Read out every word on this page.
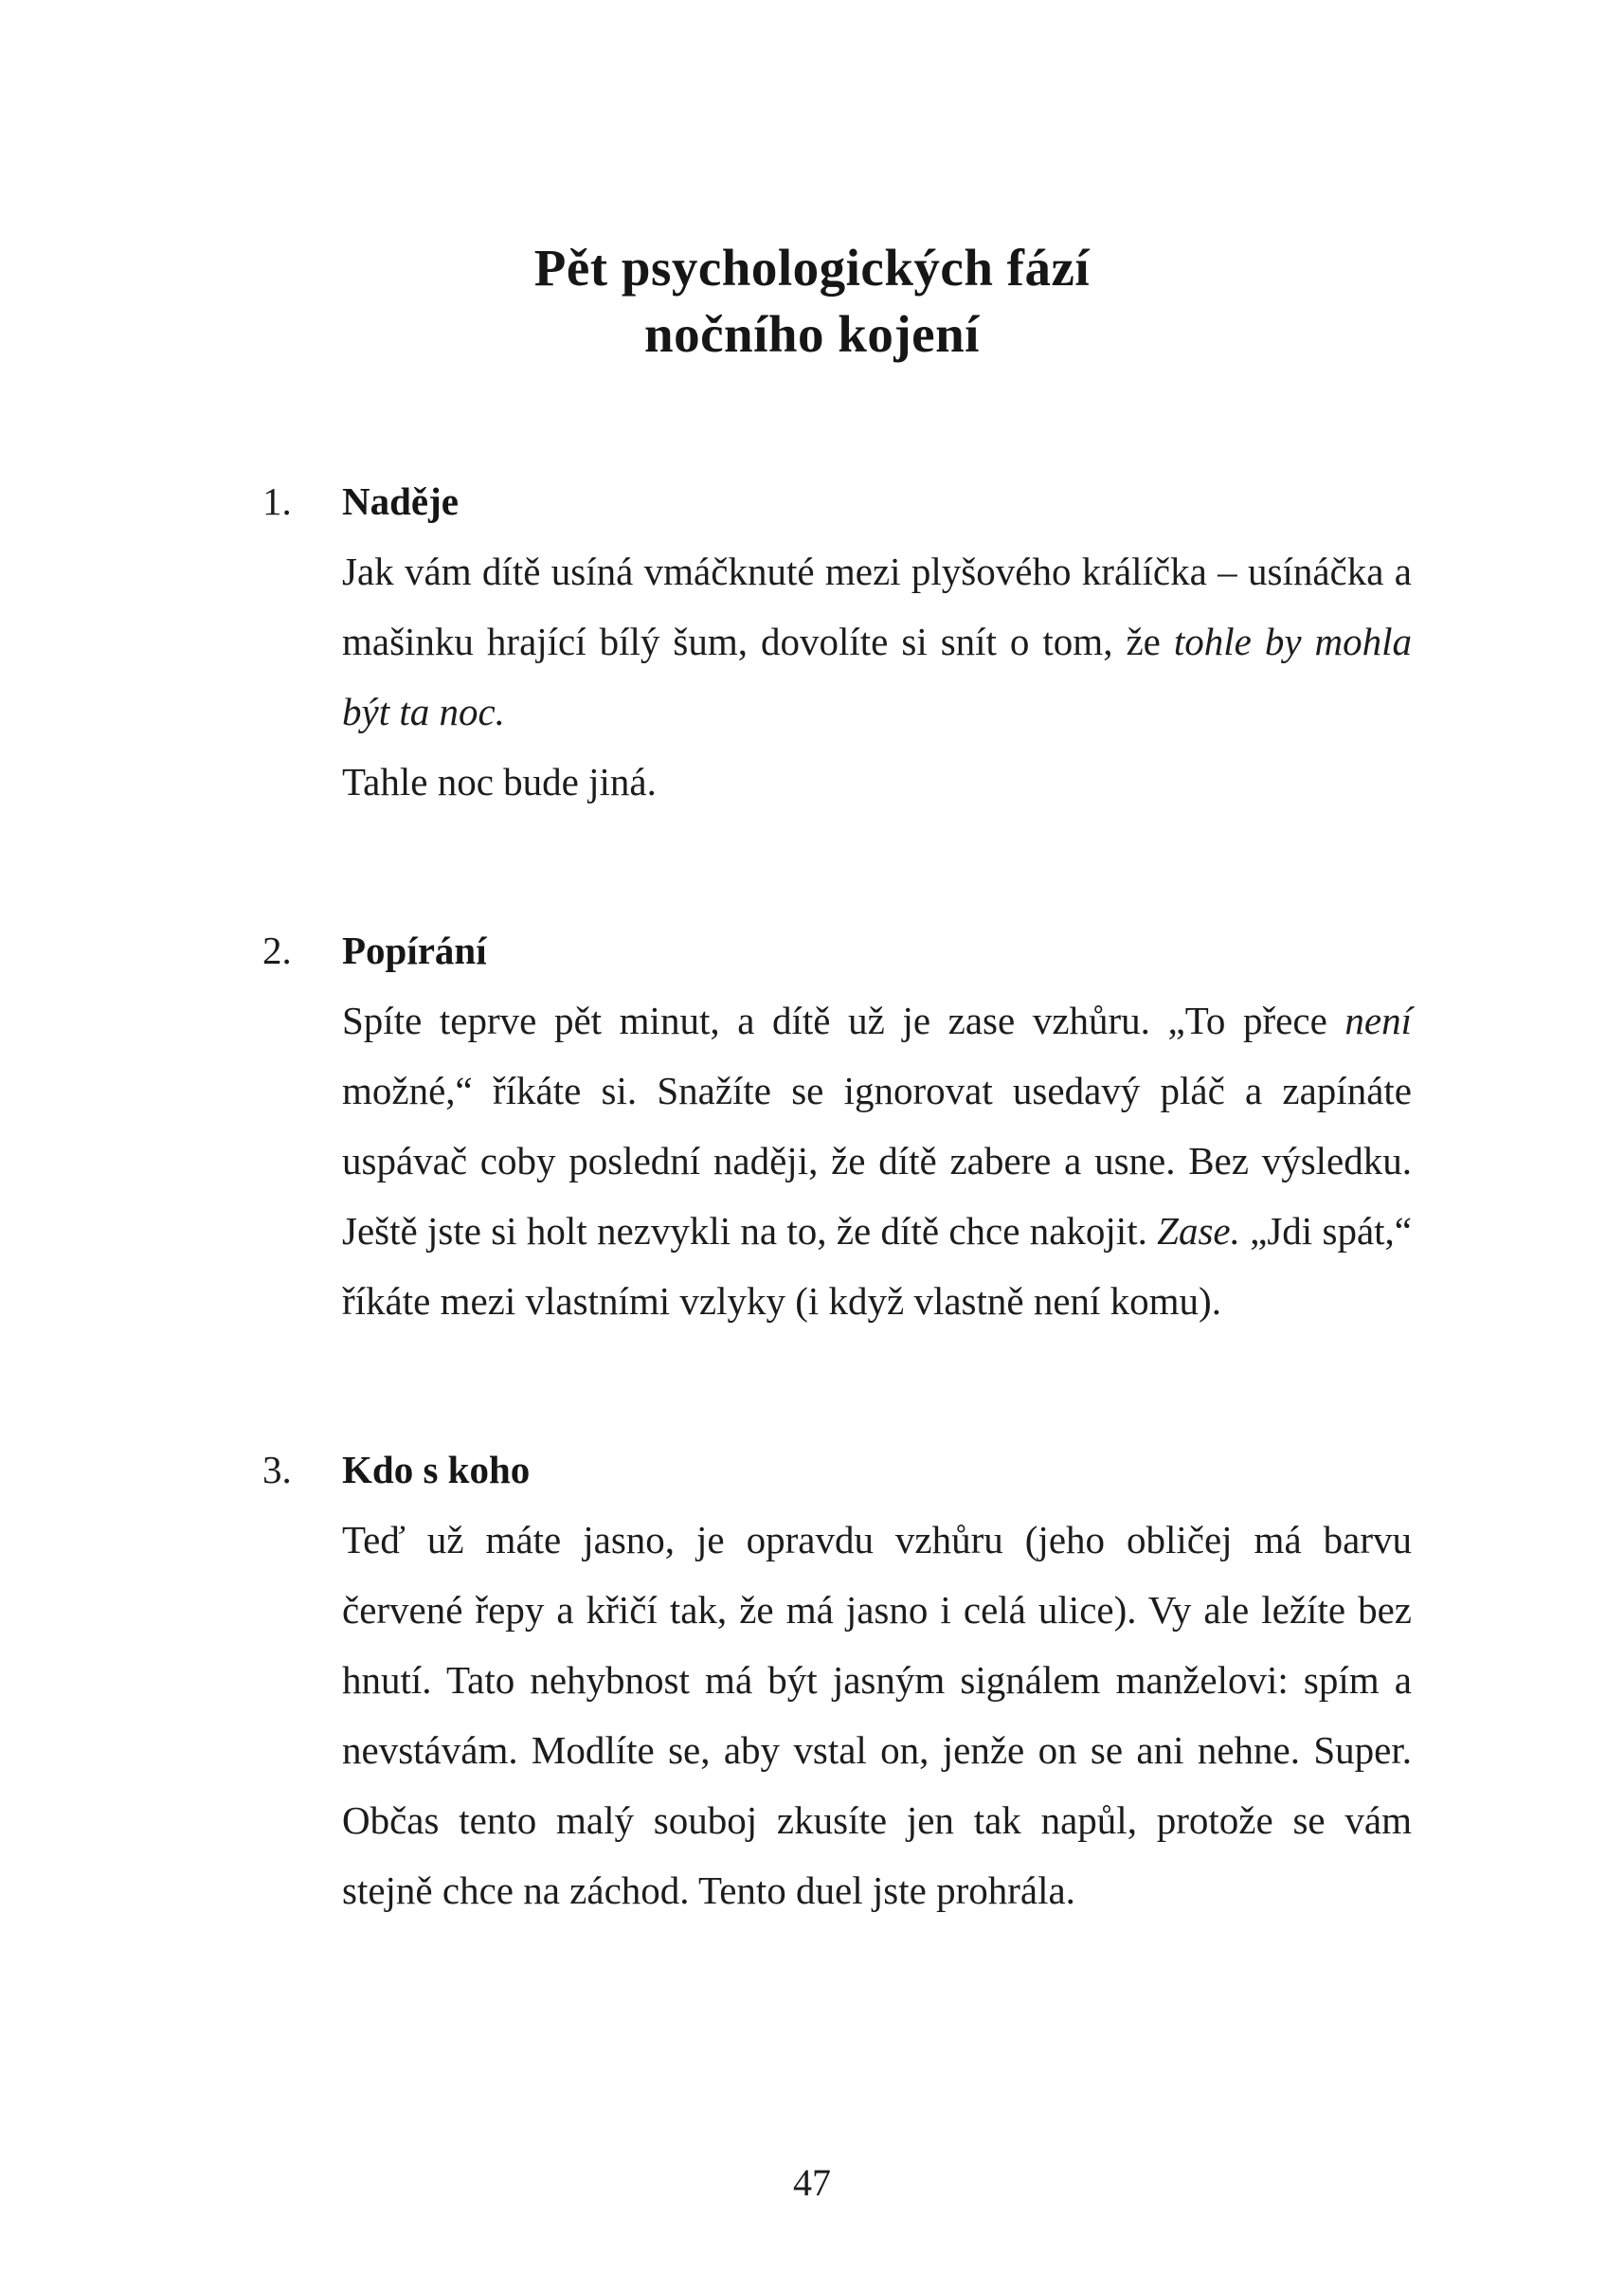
Pět psychologických fází
nočního kojení
1.	Naděje

Jak vám dítě usíná vmáčknuté mezi plyšového králíčka – usínáčka a mašinku hrající bílý šum, dovolíte si snít o tom, že tohle by mohla být ta noc.

Tahle noc bude jiná.

2.	Popírání

Spíte teprve pět minut, a dítě už je zase vzhůru. „To přece není možné,“ říkáte si. Snažíte se ignorovat usedavý pláč a zapínáte uspávač coby poslední naději, že dítě zabere a usne. Bez výsledku. Ještě jste si holt nezvykli na to, že dítě chce nakojit. Zase. „Jdi spát,“ říkáte mezi vlastními vzlyky (i když vlastně není komu).

3.	Kdo s koho

Teď už máte jasno, je opravdu vzhůru (jeho obličej má barvu červené řepy a křičí tak, že má jasno i celá ulice). Vy ale ležíte bez hnutí. Tato nehybnost má být jasným signálem manželovi: spím a nevstávám. Modlíte se, aby vstal on, jenže on se ani nehne. Super. Občas tento malý souboj zkusíte jen tak napůl, protože se vám stejně chce na záchod. Tento duel jste prohrála.

47
